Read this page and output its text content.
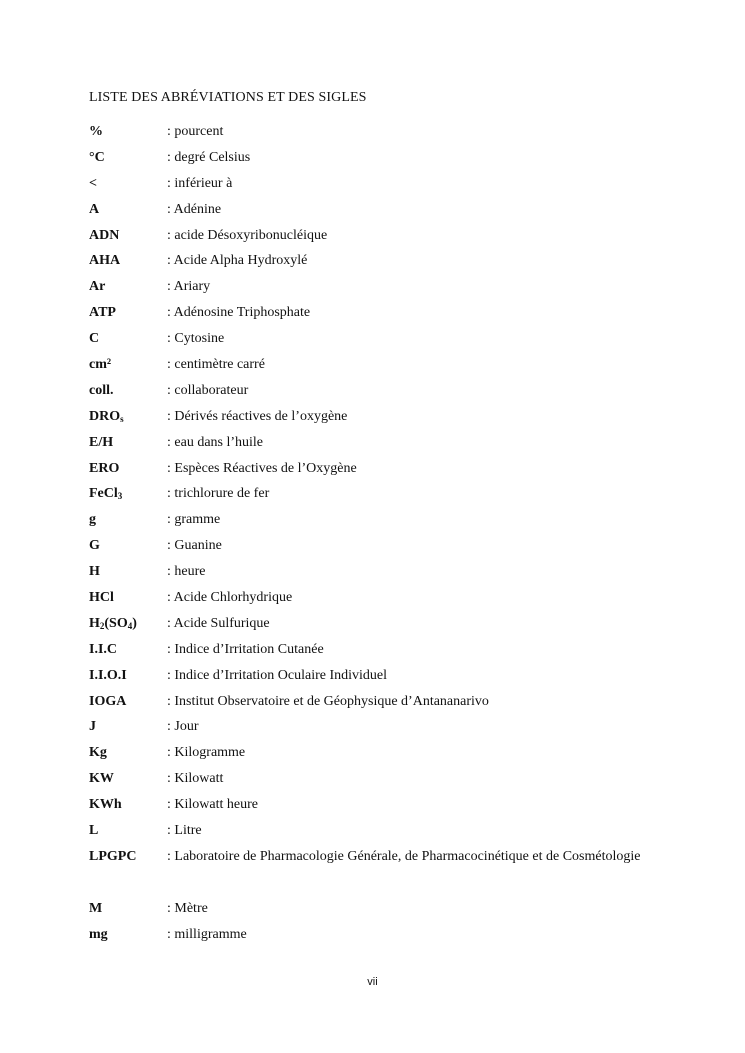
LISTE DES ABRÉVIATIONS ET DES SIGLES
%	: pourcent
°C	: degré Celsius
<	: inférieur à
A	: Adénine
ADN	: acide Désoxyribonucléique
AHA	: Acide Alpha Hydroxylé
Ar	: Ariary
ATP	: Adénosine Triphosphate
C	: Cytosine
cm²	: centimètre carré
coll.	: collaborateur
$DRO_s$	: Dérivés réactives de l’oxygène
E/H	: eau dans l’huile
ERO	: Espèces Réactives de l’Oxygène
FeCl$_3$	: trichlorure de fer
g	: gramme
G	: Guanine
H	: heure
HCl	: Acide Chlorhydrique
$H_2(SO_4)$	: Acide Sulfurique
I.I.C	: Indice d’Irritation Cutanée
I.I.O.I	: Indice d’Irritation Oculaire Individuel
IOGA	: Institut Observatoire et de Géophysique d’Antananarivo
J	: Jour
Kg	: Kilogramme
KW	: Kilowatt
KWh	: Kilowatt heure
L	: Litre
LPGPC	: Laboratoire de Pharmacologie Générale, de Pharmacocinétique et de Cosmétologie
M	: Mètre
mg	: milligramme
vii
